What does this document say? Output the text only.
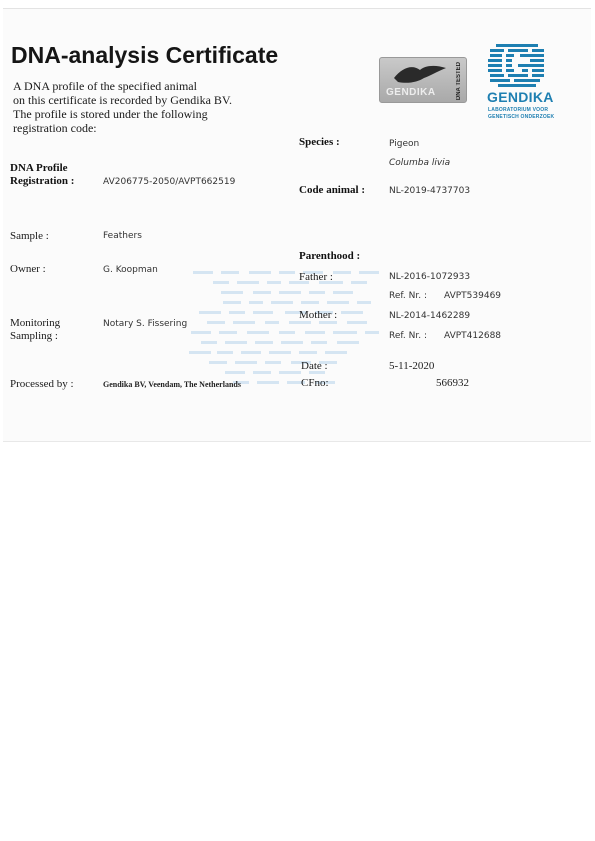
DNA-analysis Certificate
A DNA profile of the specified animal
on this certificate is recorded by Gendika BV.
The profile is stored under the following
registration code:
GENDIKA	DNA TESTED GENDIKA
LABORATORIUM VOOR
GENETISCH ONDERZOEK
DNA Profile
Registration :	AV206775-2050/AVPT662519
Sample :	Feathers
Owner :	G. Koopman
Monitoring
Sampling :
Notary S. Fissering
Processed by :	Gendika BV, Veendam, The Netherlands
Species :	Pigeon
Columba livia
Code animal :	NL-2019-4737703
Parenthood :
Father :	NL-2016-1072933
Ref. Nr. : AVPT539469
Mother :	NL-2014-1462289
Ref. Nr. : AVPT412688
Date :	5-11-2020
CFno:	566932
